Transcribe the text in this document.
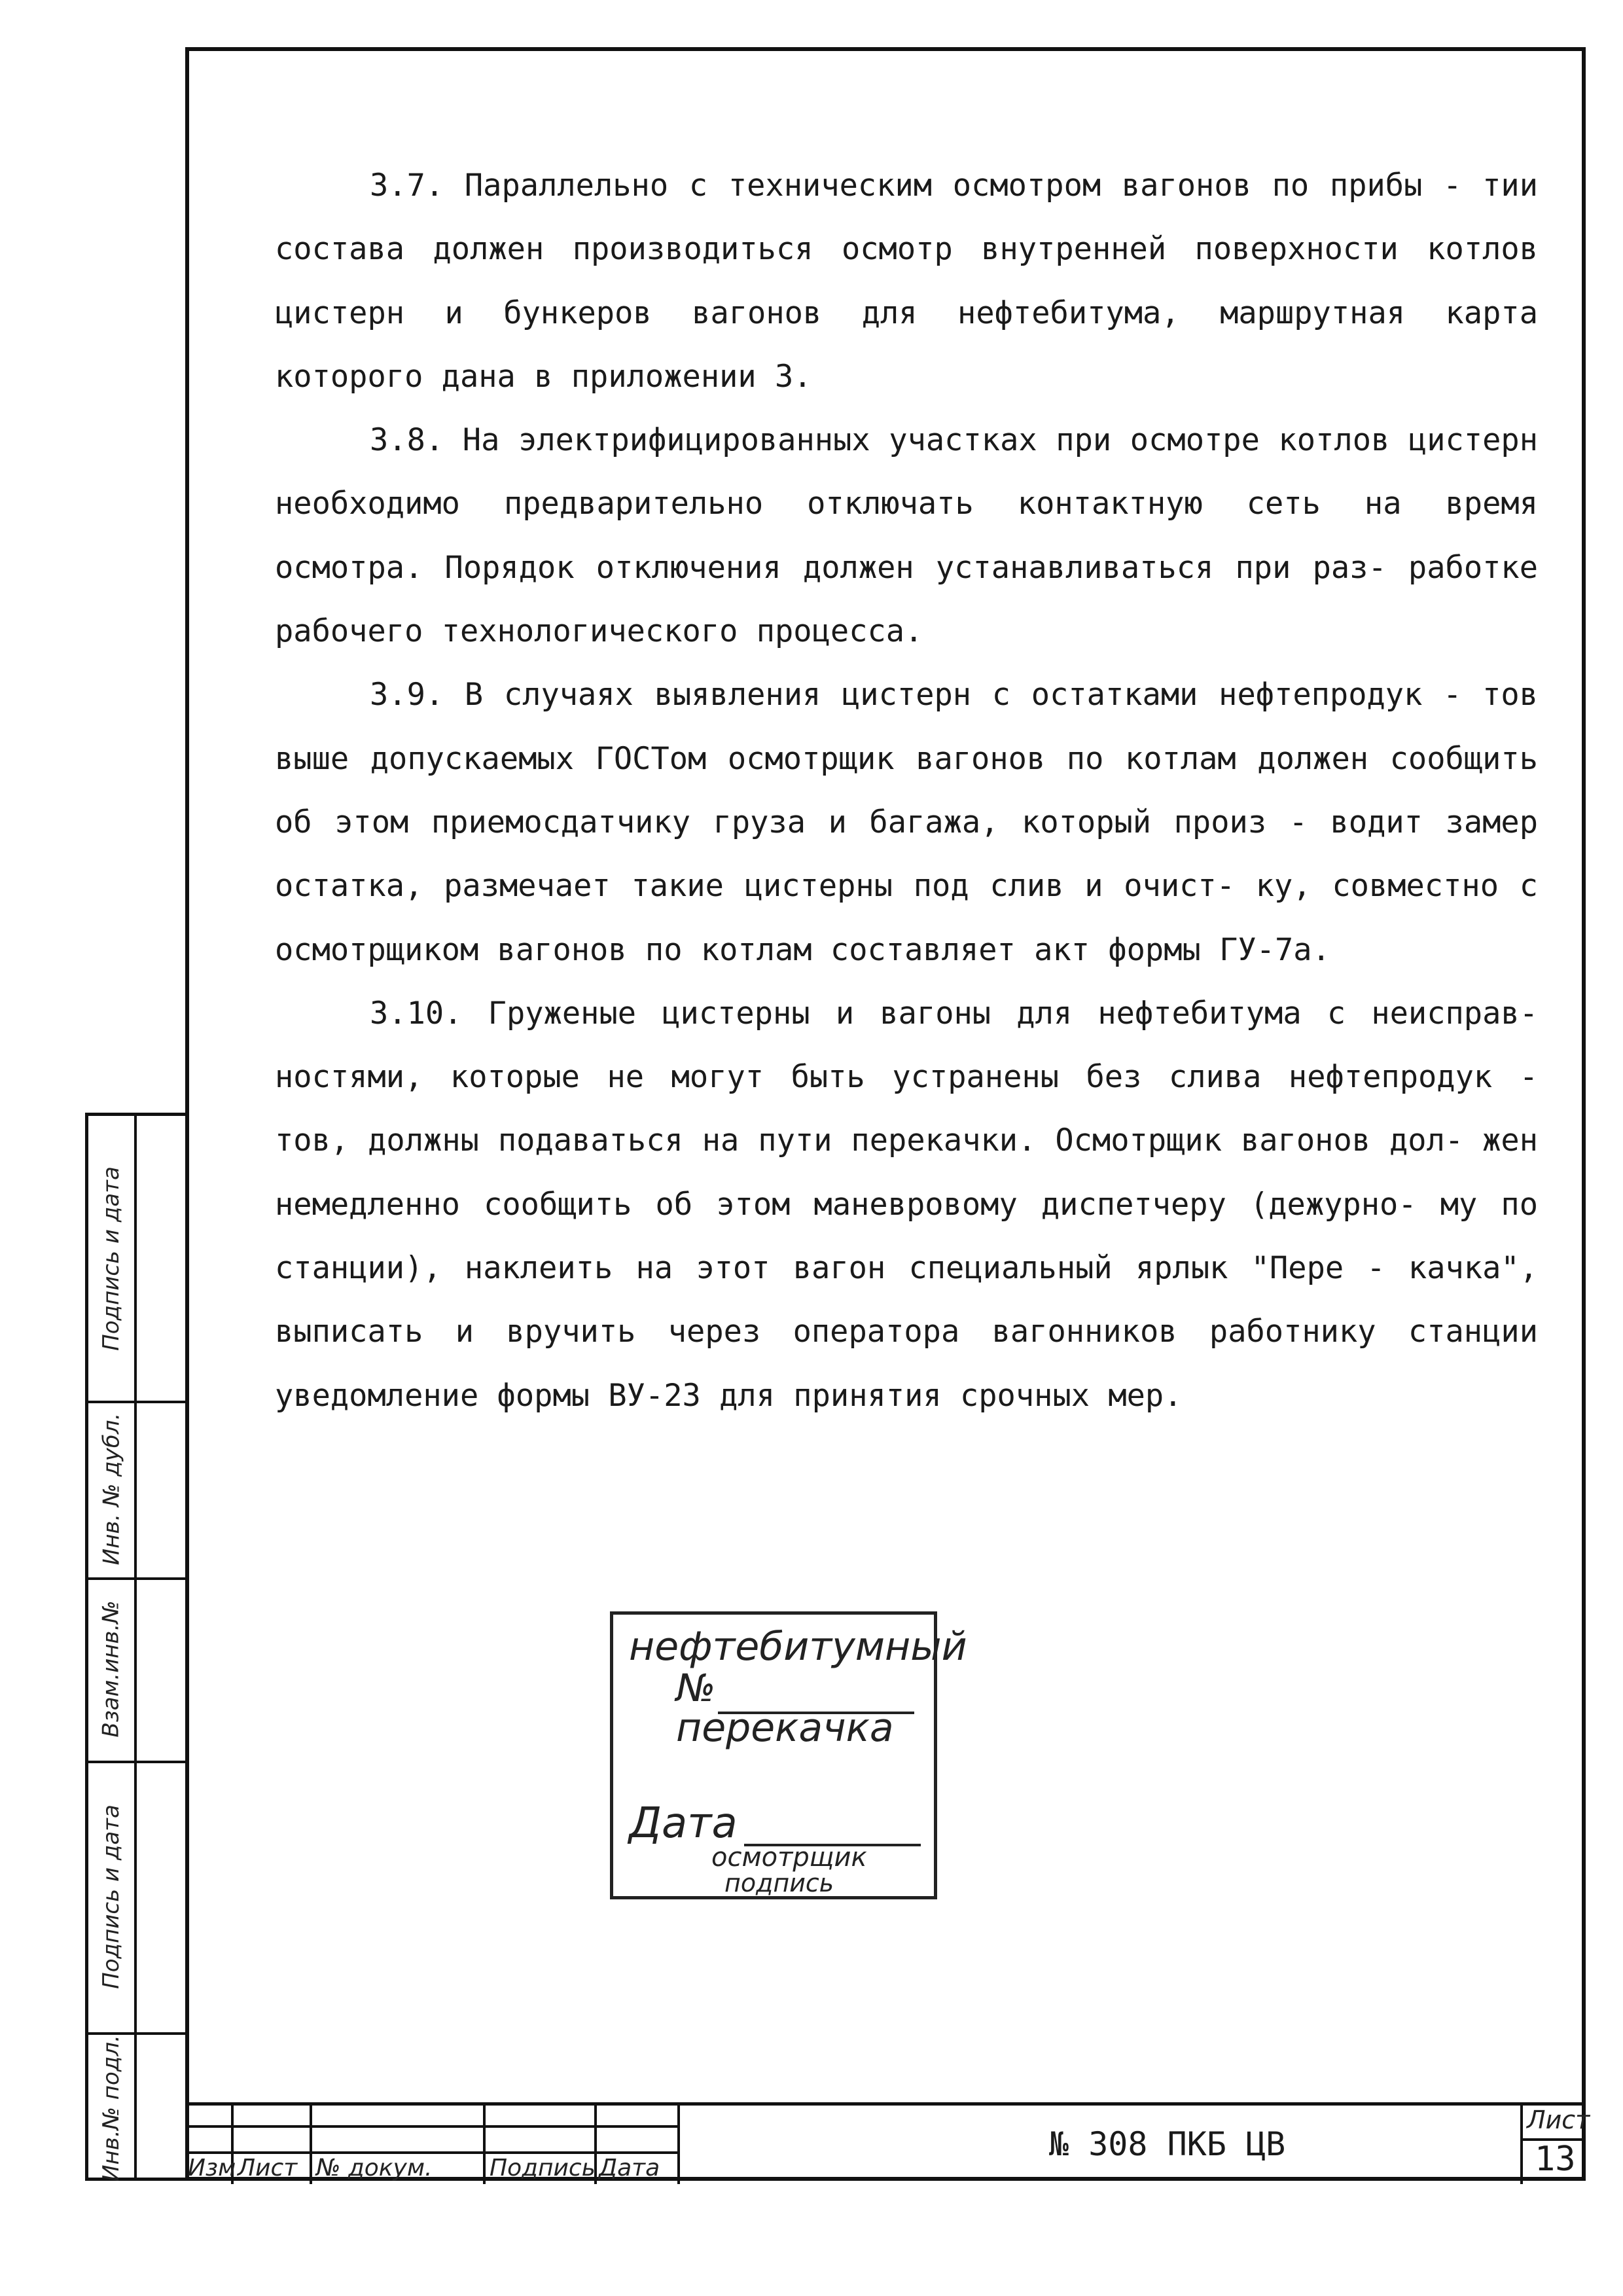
3.7. Параллельно с техническим осмотром вагонов по прибы - тии состава должен производиться осмотр внутренней поверхности котлов цистерн и бункеров вагонов для нефтебитума, маршрутная карта которого дана в приложении 3.

3.8. На электрифицированных участках при осмотре котлов цистерн необходимо предварительно отключать контактную сеть на время осмотра. Порядок отключения должен устанавливаться при раз- работке рабочего технологического процесса.

3.9. В случаях выявления цистерн с остатками нефтепродук - тов выше допускаемых ГОСТом осмотрщик вагонов по котлам должен сообщить об этом приемосдатчику груза и багажа, который произ - водит замер остатка, размечает такие цистерны под слив и очист- ку, совместно с осмотрщиком вагонов по котлам составляет акт формы ГУ-7а.

3.10. Груженые цистерны и вагоны для нефтебитума с неисправ- ностями, которые не могут быть устранены без слива нефтепродук - тов, должны подаваться на пути перекачки. Осмотрщик вагонов дол- жен немедленно сообщить об этом маневровому диспетчеру (дежурно- му по станции), наклеить на этот вагон специальный ярлык "Пере - качка", выписать и вручить через оператора вагонников работнику станции уведомление формы ВУ-23 для принятия срочных мер.

нефтебитумный
№
перекачка
Дата
осмотрщик
подпись
Подпись и дата
Инв. № дубл.
Взам.инв.№
Подпись и дата
Инв.№ подл.	Изм Лист № докум. Подпись Дата
№ 308 ПКБ ЦВ
Лист
13
